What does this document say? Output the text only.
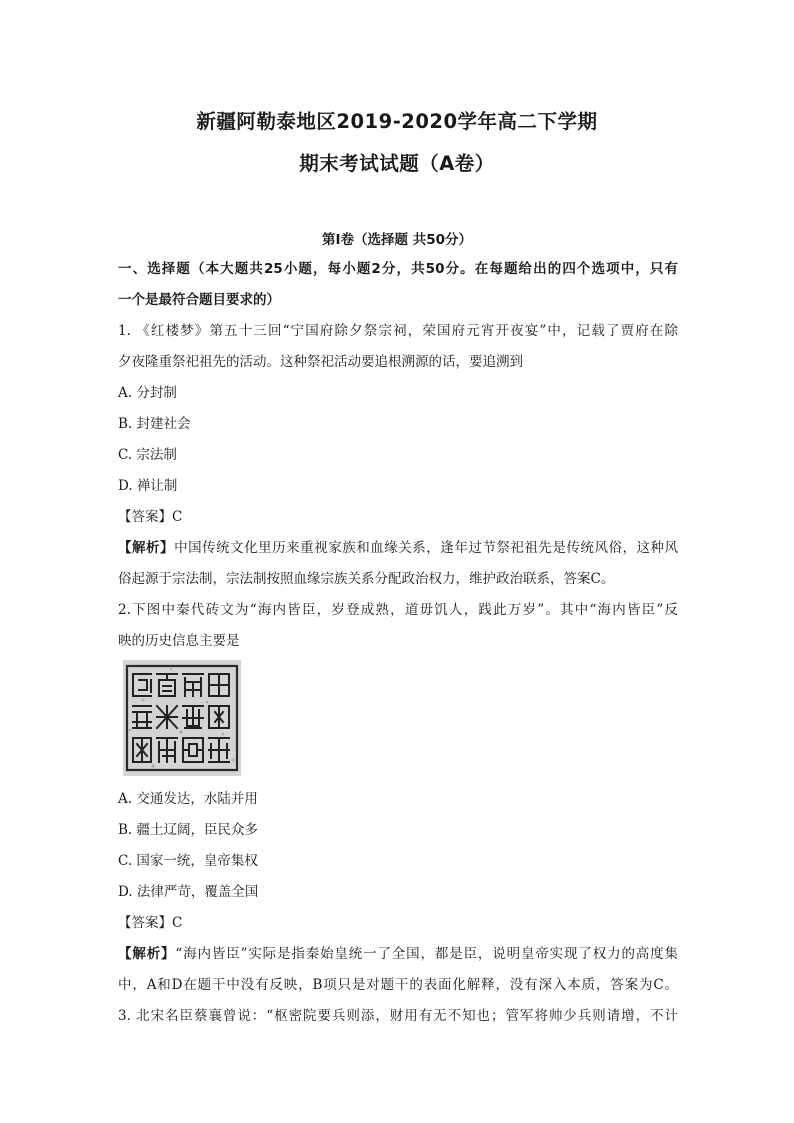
新疆阿勒泰地区2019-2020学年高二下学期
期末考试试题（A卷）
第Ⅰ卷（选择题 共50分）
一、选择题（本大题共25小题，每小题2分，共50分。在每题给出的四个选项中，只有
一个是最符合题目要求的）
1. 《红楼梦》第五十三回“宁国府除夕祭宗祠，荣国府元宵开夜宴”中，记载了贾府在除
夕夜隆重祭祀祖先的活动。这种祭祀活动要追根溯源的话，要追溯到
A. 分封制
B. 封建社会
C. 宗法制
D. 禅让制
【答案】C
【解析】中国传统文化里历来重视家族和血缘关系，逢年过节祭祀祖先是传统风俗，这种风
俗起源于宗法制，宗法制按照血缘宗族关系分配政治权力，维护政治联系，答案C。
2.下图中秦代砖文为“海内皆臣，岁登成熟，道毋饥人，践此万岁”。其中“海内皆臣”反
映的历史信息主要是
A. 交通发达，水陆并用
B. 疆土辽阔，臣民众多
C. 国家一统，皇帝集权
D. 法律严苛，覆盖全国
【答案】C
【解析】“海内皆臣”实际是指秦始皇统一了全国，都是臣，说明皇帝实现了权力的高度集
中，A和D在题干中没有反映，B项只是对题干的表面化解释，没有深入本质，答案为C。
3. 北宋名臣蔡襄曾说：“枢密院要兵则添，财用有无不知也；管军将帅少兵则请增，不计
